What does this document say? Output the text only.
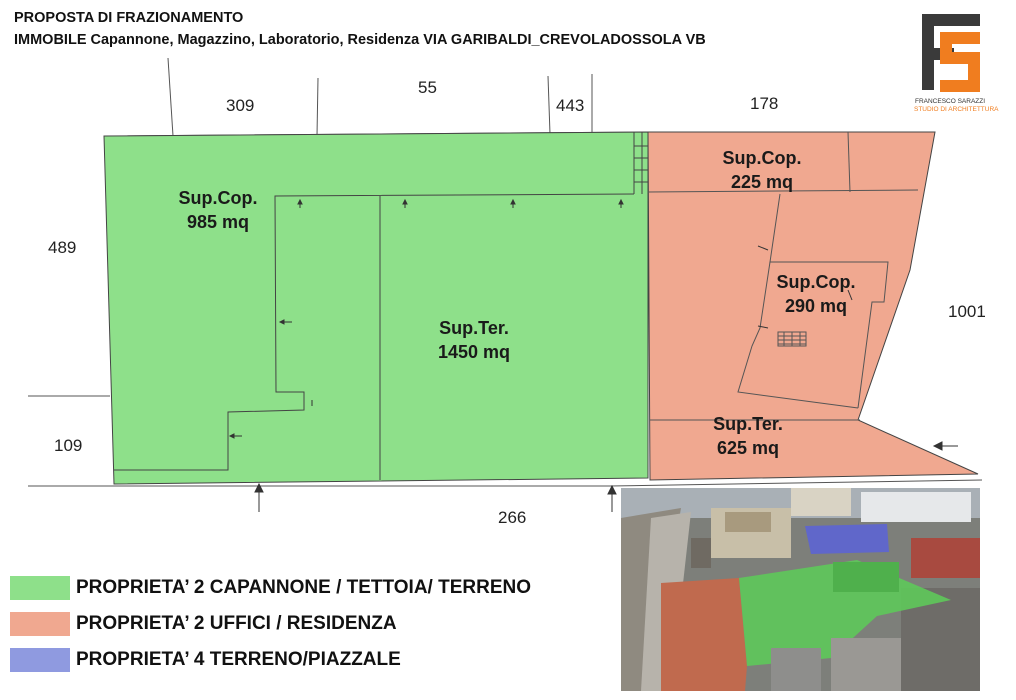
PROPOSTA DI FRAZIONAMENTO
IMMOBILE Capannone, Magazzino, Laboratorio, Residenza VIA GARIBALDI_CREVOLADOSSOLA VB
FRANCESCO SARAZZI
STUDIO DI ARCHITETTURA
309
55
443	178
489
1001
109
266
Sup.Cop.
985 mq
Sup.Ter.
1450 mq
Sup.Cop.
225 mq
Sup.Cop.
290 mq
Sup.Ter.
625 mq
PROPRIETA’ 2 CAPANNONE / TETTOIA/ TERRENO
PROPRIETA’ 2 UFFICI / RESIDENZA
PROPRIETA’ 4 TERRENO/PIAZZALE
